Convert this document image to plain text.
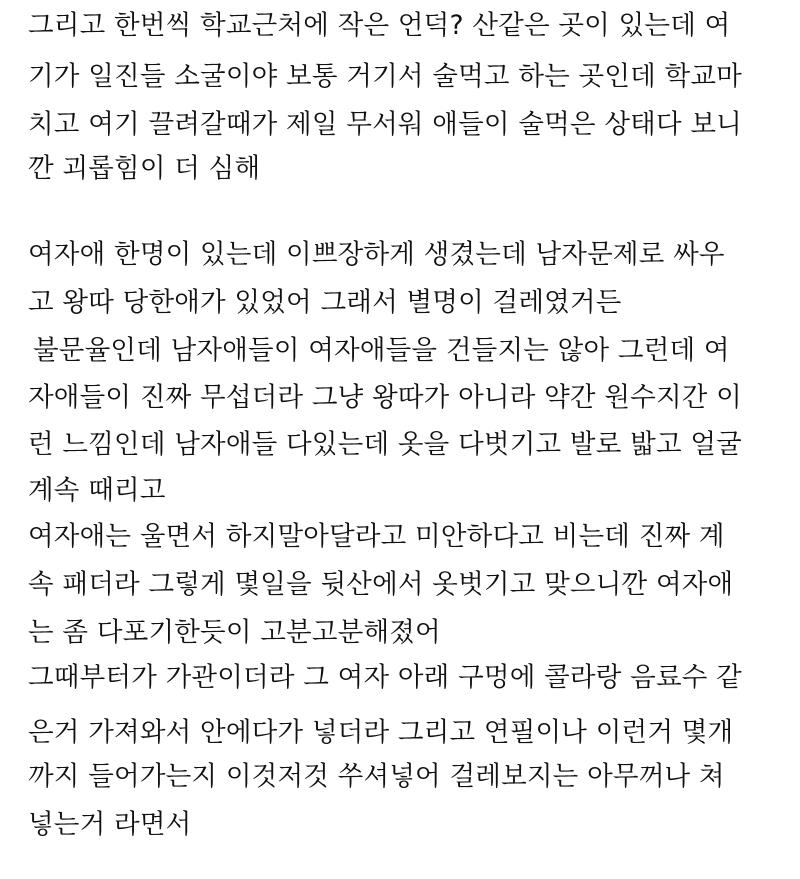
그리고 한번씩 학교근처에 작은 언덕? 산같은 곳이 있는데 여
기가 일진들 소굴이야 보통 거기서 술먹고 하는 곳인데 학교마
치고 여기 끌려갈때가 제일 무서워 애들이 술먹은 상태다 보니
깐 괴롭힘이 더 심해
여자애 한명이 있는데 이쁘장하게 생겼는데 남자문제로 싸우
고 왕따 당한애가 있었어 그래서 별명이 걸레였거든
불문율인데 남자애들이 여자애들을 건들지는 않아 그런데 여
자애들이 진짜 무섭더라 그냥 왕따가 아니라 약간 원수지간 이
런 느낌인데 남자애들 다있는데 옷을 다벗기고 발로 밟고 얼굴
계속 때리고
여자애는 울면서 하지말아달라고 미안하다고 비는데 진짜 계
속 패더라 그렇게 몇일을 뒷산에서 옷벗기고 맞으니깐 여자애
는 좀 다포기한듯이 고분고분해졌어
그때부터가 가관이더라 그 여자 아래 구멍에 콜라랑 음료수 같
은거 가져와서 안에다가 넣더라 그리고 연필이나 이런거 몇개
까지 들어가는지 이것저것 쑤셔넣어 걸레보지는 아무꺼나 쳐
넣는거 라면서
